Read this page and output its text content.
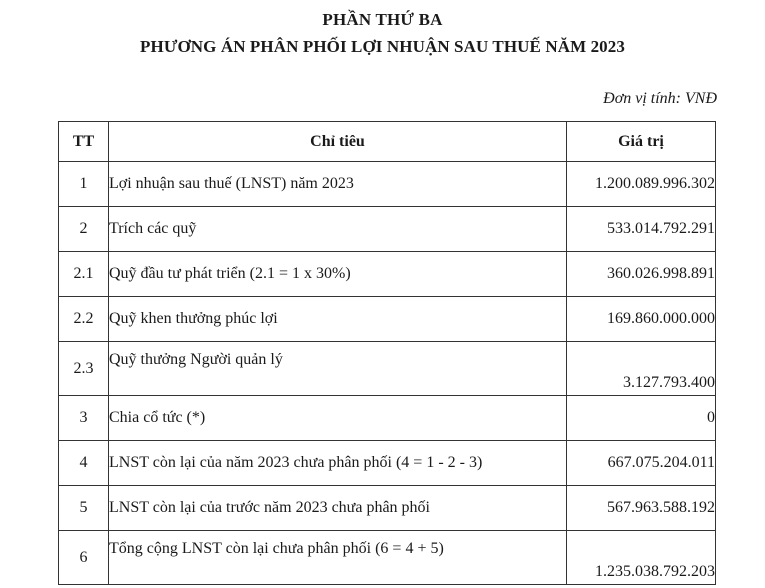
PHẦN THỨ BA
PHƯƠNG ÁN PHÂN PHỐI LỢI NHUẬN SAU THUẾ NĂM 2023
Đơn vị tính: VNĐ
TT	Chỉ tiêu	Giá trị
1	Lợi nhuận sau thuế (LNST) năm 2023	1.200.089.996.302
2	Trích các quỹ	533.014.792.291
2.1	Quỹ đầu tư phát triển (2.1 = 1 x 30%)	360.026.998.891
2.2	Quỹ khen thưởng phúc lợi	169.860.000.000
2.3	Quỹ thưởng Người quản lý	3.127.793.400
3	Chia cổ tức (*)	0
4	LNST còn lại của năm 2023 chưa phân phối (4 = 1 - 2 - 3)	667.075.204.011
5	LNST còn lại của trước năm 2023 chưa phân phối	567.963.588.192
6	Tổng cộng LNST còn lại chưa phân phối (6 = 4 + 5)	1.235.038.792.203
